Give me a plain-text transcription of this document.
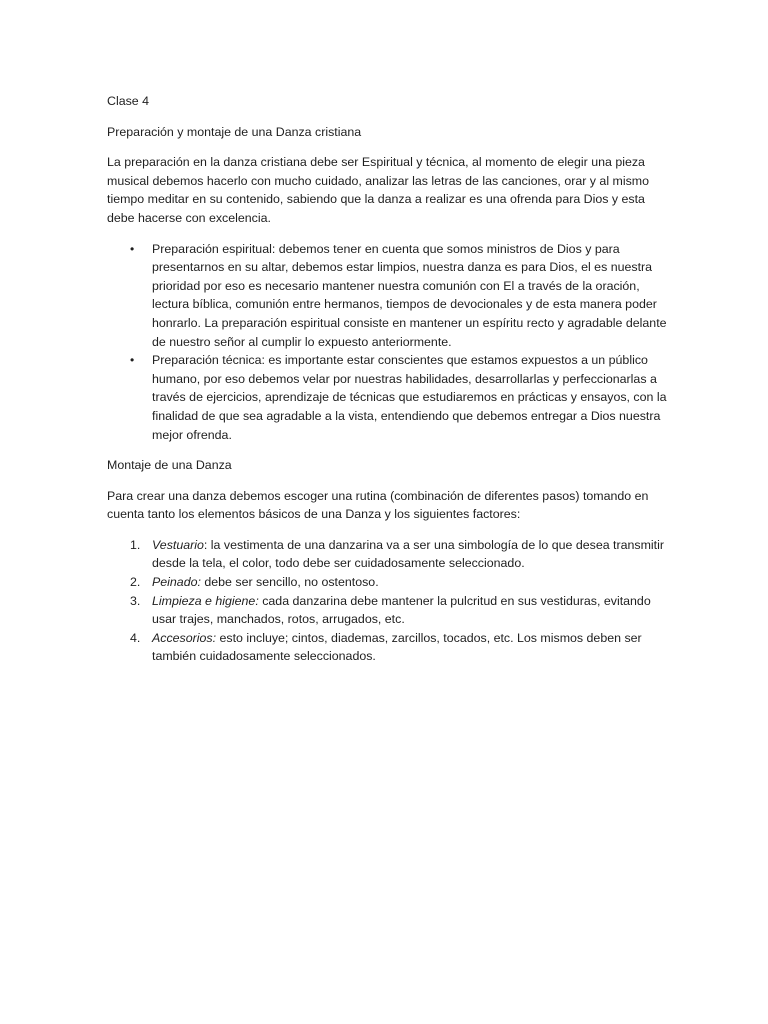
Clase 4

Preparación y montaje de una Danza cristiana

La preparación en la danza cristiana debe ser Espiritual y técnica, al momento de elegir una pieza musical debemos hacerlo con mucho cuidado, analizar las letras de las canciones, orar y al mismo tiempo meditar en su contenido, sabiendo que la danza a realizar es una ofrenda para Dios y esta debe hacerse con excelencia.

• Preparación espiritual: debemos tener en cuenta que somos ministros de Dios y para presentarnos en su altar, debemos estar limpios, nuestra danza es para Dios, el es nuestra prioridad por eso es necesario mantener nuestra comunión con El a través de la oración, lectura bíblica, comunión entre hermanos, tiempos de devocionales y de esta manera poder honrarlo. La preparación espiritual consiste en mantener un espíritu recto y agradable delante de nuestro señor al cumplir lo expuesto anteriormente.
• Preparación técnica: es importante estar conscientes que estamos expuestos a un público humano, por eso debemos velar por nuestras habilidades, desarrollarlas y perfeccionarlas a través de ejercicios, aprendizaje de técnicas que estudiaremos en prácticas y ensayos, con la finalidad de que sea agradable a la vista, entendiendo que debemos entregar a Dios nuestra mejor ofrenda.

Montaje de una Danza

Para crear una danza debemos escoger una rutina (combinación de diferentes pasos) tomando en cuenta tanto los elementos básicos de una Danza y los siguientes factores:

1. Vestuario: la vestimenta de una danzarina va a ser una simbología de lo que desea transmitir desde la tela, el color, todo debe ser cuidadosamente seleccionado.
2. Peinado: debe ser sencillo, no ostentoso.
3. Limpieza e higiene: cada danzarina debe mantener la pulcritud en sus vestiduras, evitando usar trajes, manchados, rotos, arrugados, etc.
4. Accesorios: esto incluye; cintos, diademas, zarcillos, tocados, etc. Los mismos deben ser también cuidadosamente seleccionados.
